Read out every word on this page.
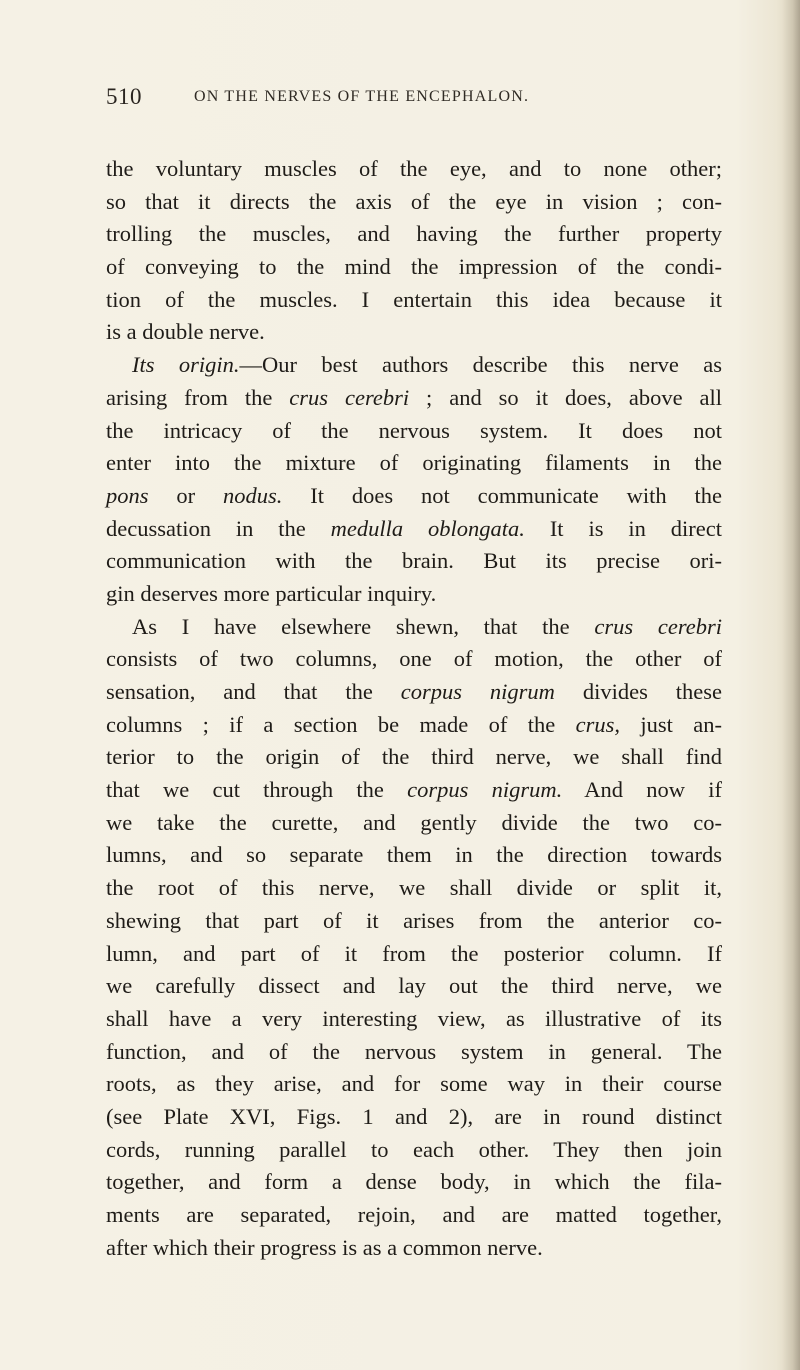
510	ON THE NERVES OF THE ENCEPHALON.
the voluntary muscles of the eye, and to none other;
so that it directs the axis of the eye in vision ; con-
trolling the muscles, and having the further property
of conveying to the mind the impression of the condi-
tion of the muscles. I entertain this idea because it
is a double nerve.
Its origin.—Our best authors describe this nerve as
arising from the crus cerebri ; and so it does, above all
the intricacy of the nervous system. It does not
enter into the mixture of originating filaments in the
pons or nodus. It does not communicate with the
decussation in the medulla oblongata. It is in direct
communication with the brain. But its precise ori-
gin deserves more particular inquiry.
As I have elsewhere shewn, that the crus cerebri
consists of two columns, one of motion, the other of
sensation, and that the corpus nigrum divides these
columns ; if a section be made of the crus, just an-
terior to the origin of the third nerve, we shall find
that we cut through the corpus nigrum. And now if
we take the curette, and gently divide the two co-
lumns, and so separate them in the direction towards
the root of this nerve, we shall divide or split it,
shewing that part of it arises from the anterior co-
lumn, and part of it from the posterior column. If
we carefully dissect and lay out the third nerve, we
shall have a very interesting view, as illustrative of its
function, and of the nervous system in general. The
roots, as they arise, and for some way in their course
(see Plate XVI, Figs. 1 and 2), are in round distinct
cords, running parallel to each other. They then join
together, and form a dense body, in which the fila-
ments are separated, rejoin, and are matted together,
after which their progress is as a common nerve.
